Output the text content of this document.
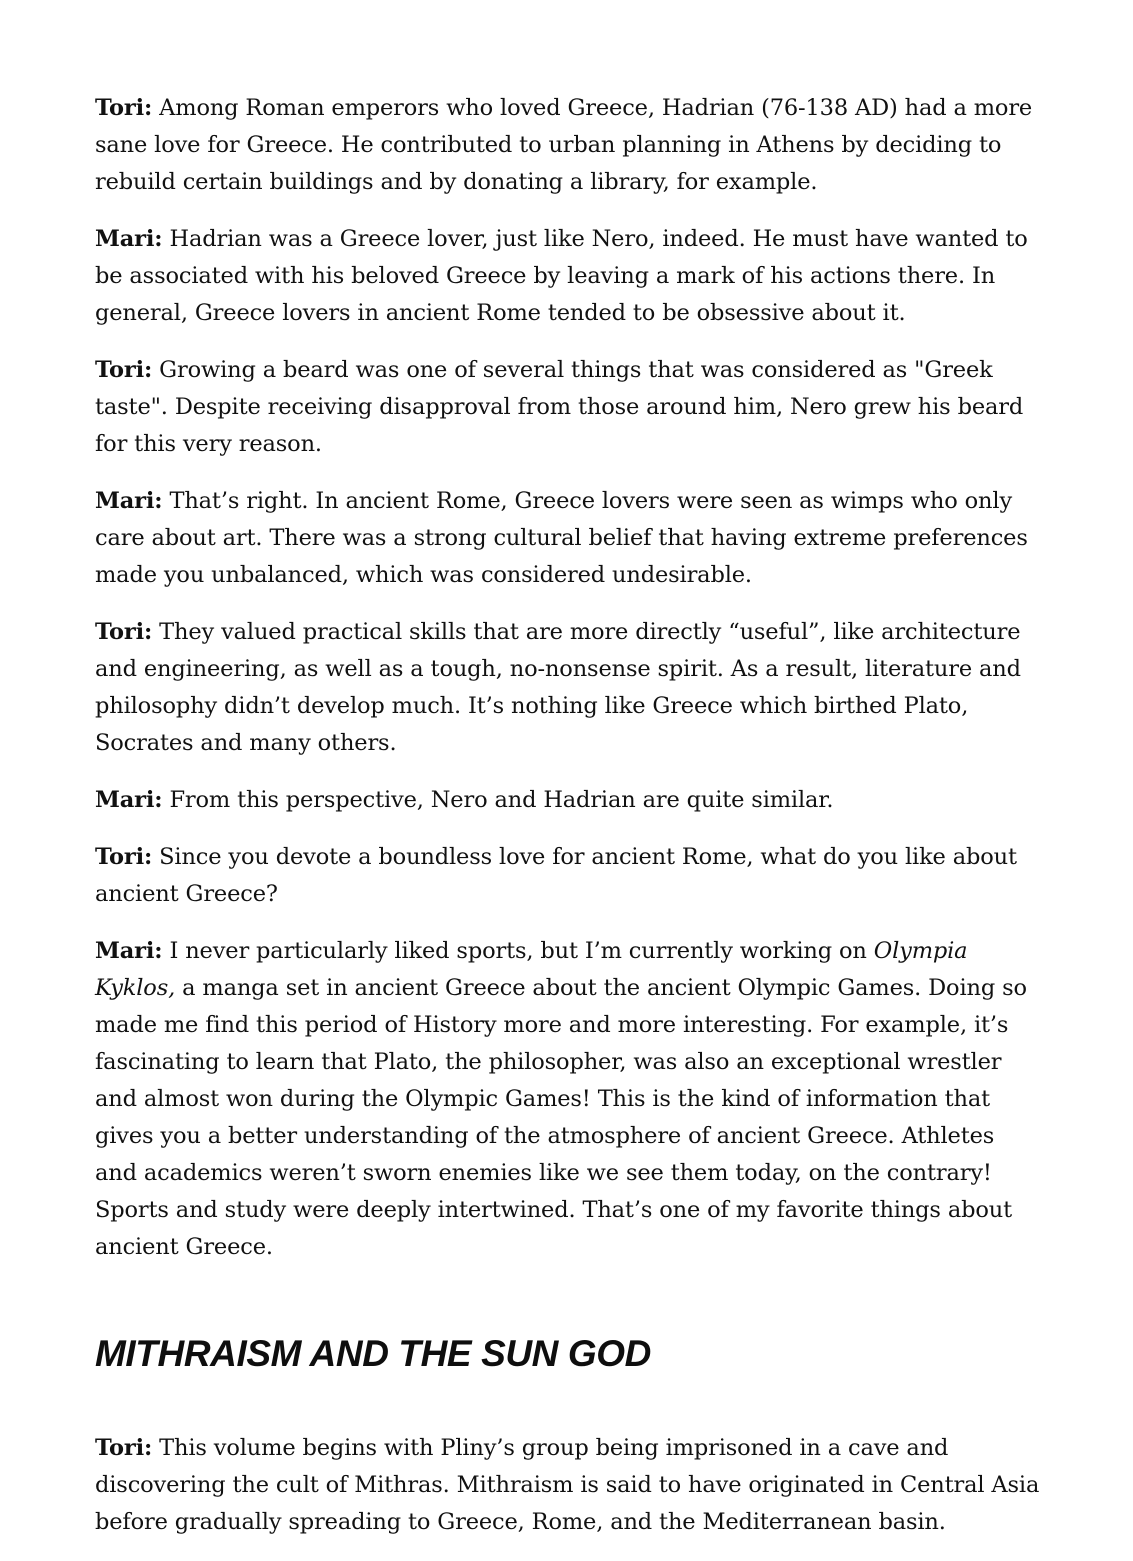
Tori: Among Roman emperors who loved Greece, Hadrian (76-138 AD) had a more sane love for Greece. He contributed to urban planning in Athens by deciding to rebuild certain buildings and by donating a library, for example.

Mari: Hadrian was a Greece lover, just like Nero, indeed. He must have wanted to be associated with his beloved Greece by leaving a mark of his actions there. In general, Greece lovers in ancient Rome tended to be obsessive about it.

Tori: Growing a beard was one of several things that was considered as "Greek taste". Despite receiving disapproval from those around him, Nero grew his beard for this very reason.

Mari: That’s right. In ancient Rome, Greece lovers were seen as wimps who only care about art. There was a strong cultural belief that having extreme preferences made you unbalanced, which was considered undesirable.

Tori: They valued practical skills that are more directly “useful”, like architecture and engineering, as well as a tough, no-nonsense spirit. As a result, literature and philosophy didn’t develop much. It’s nothing like Greece which birthed Plato, Socrates and many others.

Mari: From this perspective, Nero and Hadrian are quite similar.

Tori: Since you devote a boundless love for ancient Rome, what do you like about ancient Greece?

Mari: I never particularly liked sports, but I’m currently working on Olympia Kyklos, a manga set in ancient Greece about the ancient Olympic Games. Doing so made me find this period of History more and more interesting. For example, it’s fascinating to learn that Plato, the philosopher, was also an exceptional wrestler and almost won during the Olympic Games! This is the kind of information that gives you a better understanding of the atmosphere of ancient Greece. Athletes and academics weren’t sworn enemies like we see them today, on the contrary! Sports and study were deeply intertwined. That’s one of my favorite things about ancient Greece.

MITHRAISM AND THE SUN GOD

Tori: This volume begins with Pliny’s group being imprisoned in a cave and discovering the cult of Mithras. Mithraism is said to have originated in Central Asia before gradually spreading to Greece, Rome, and the Mediterranean basin.
